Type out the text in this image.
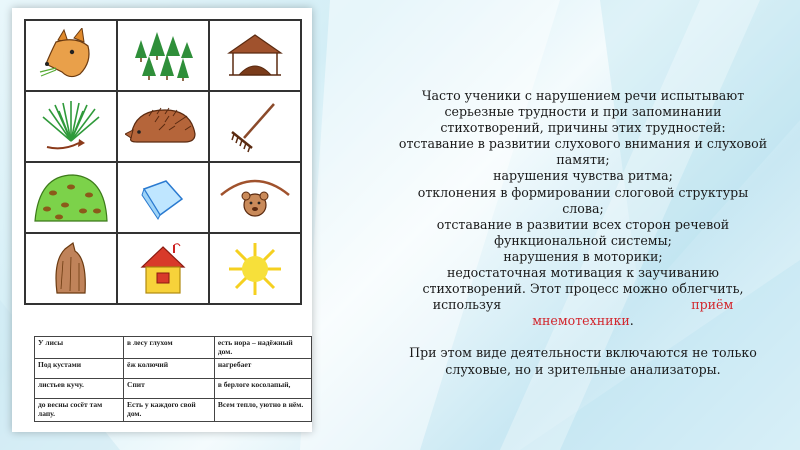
У лисы	в лесу глухом	есть нора – надёжный дом.
Под кустами	ёж колючий	нагребает
листьев кучу.	Спит	в берлоге косолапый,
до весны сосёт там лапу.	Есть у каждого свой дом.	Всем тепло, уютно в нём.

Часто ученики с нарушением речи испытывают

серьезные трудности и при запоминании

стихотворений, причины этих трудностей:

отставание в развитии слухового внимания и слуховой

памяти;

нарушения чувства ритма;

отклонения в формировании слоговой структуры

слова;

отставание в развитии всех сторон речевой

функциональной системы;

нарушения в моторики;

недостаточная мотивация к заучиванию

стихотворений. Этот процесс можно облегчить,

используя	приём

мнемотехники.

При этом виде деятельности включаются не только

слуховые, но и зрительные анализаторы.
